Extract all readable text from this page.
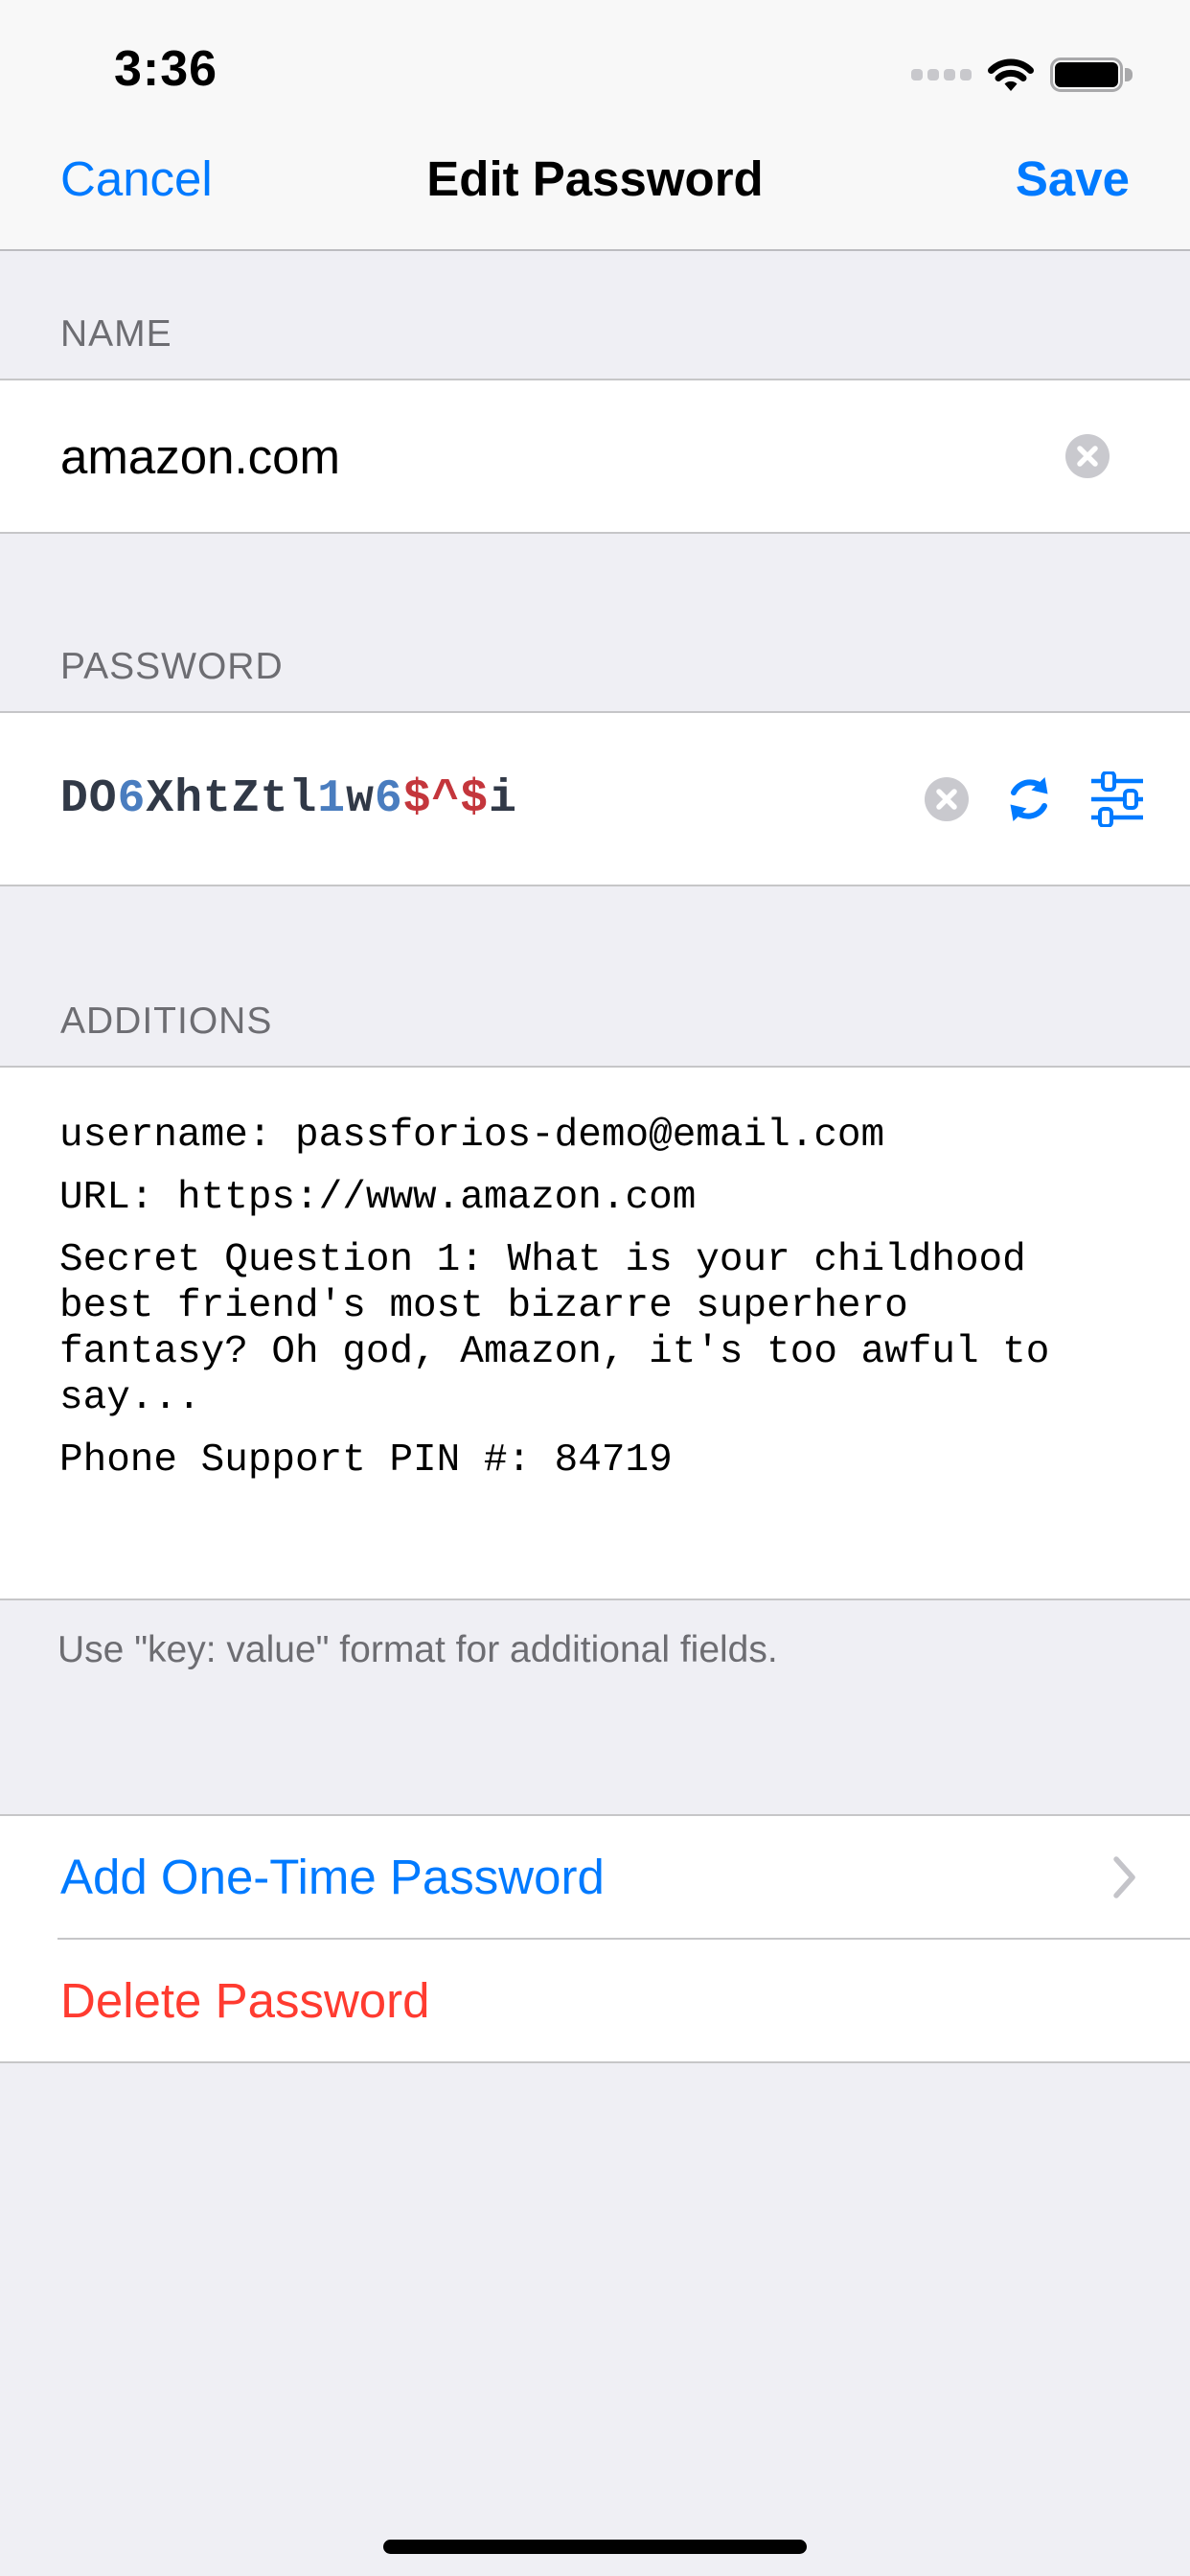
3:36
Edit Password
Cancel	Save
NAME
amazon.com
PASSWORD
DO6XhtZtl1w6$^$i
ADDITIONS

username: passforios-demo@email.com

URL: https://www.amazon.com

Secret Question 1: What is your childhood best friend's most bizarre superhero fantasy? Oh god, Amazon, it's too awful to say...

Phone Support PIN #: 84719

Use "key: value" format for additional fields.
Add One-Time Password
Delete Password
